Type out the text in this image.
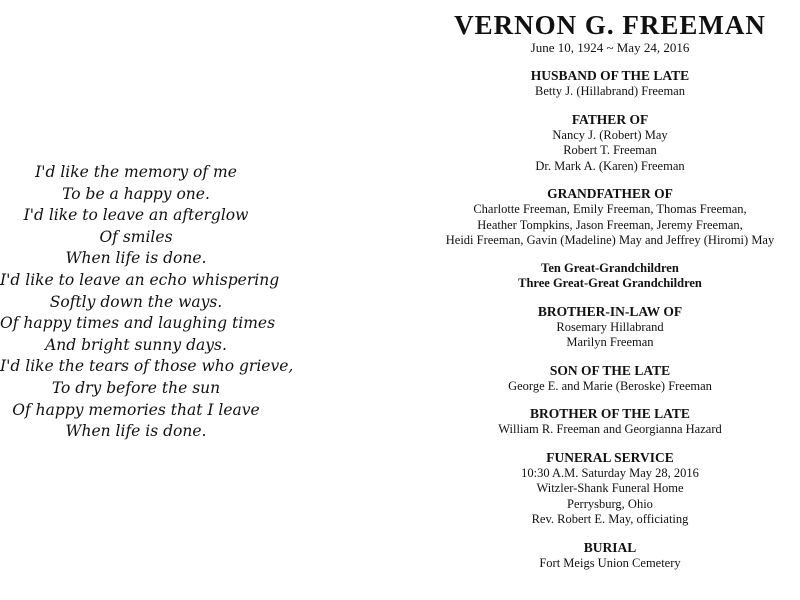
I'd like the memory of me
To be a happy one.
I'd like to leave an afterglow
Of smiles
When life is done.
I'd like to leave an echo whispering
Softly down the ways.
Of happy times and laughing times
And bright sunny days.
I'd like the tears of those who grieve,
To dry before the sun
Of happy memories that I leave
When life is done.
VERNON G. FREEMAN
June 10, 1924 ~ May 24, 2016
HUSBAND OF THE LATE
Betty J. (Hillabrand) Freeman
FATHER OF
Nancy J. (Robert) May
Robert T. Freeman
Dr. Mark A. (Karen) Freeman
GRANDFATHER OF
Charlotte Freeman, Emily Freeman, Thomas Freeman,
Heather Tompkins, Jason Freeman, Jeremy Freeman,
Heidi Freeman, Gavin (Madeline) May and Jeffrey (Hiromi) May
Ten Great-Grandchildren
Three Great-Great Grandchildren
BROTHER-IN-LAW OF
Rosemary Hillabrand
Marilyn Freeman
SON OF THE LATE
George E. and Marie (Beroske) Freeman
BROTHER OF THE LATE
William R. Freeman and Georgianna Hazard
FUNERAL SERVICE
10:30 A.M. Saturday May 28, 2016
Witzler-Shank Funeral Home
Perrysburg, Ohio
Rev. Robert E. May, officiating
BURIAL
Fort Meigs Union Cemetery
